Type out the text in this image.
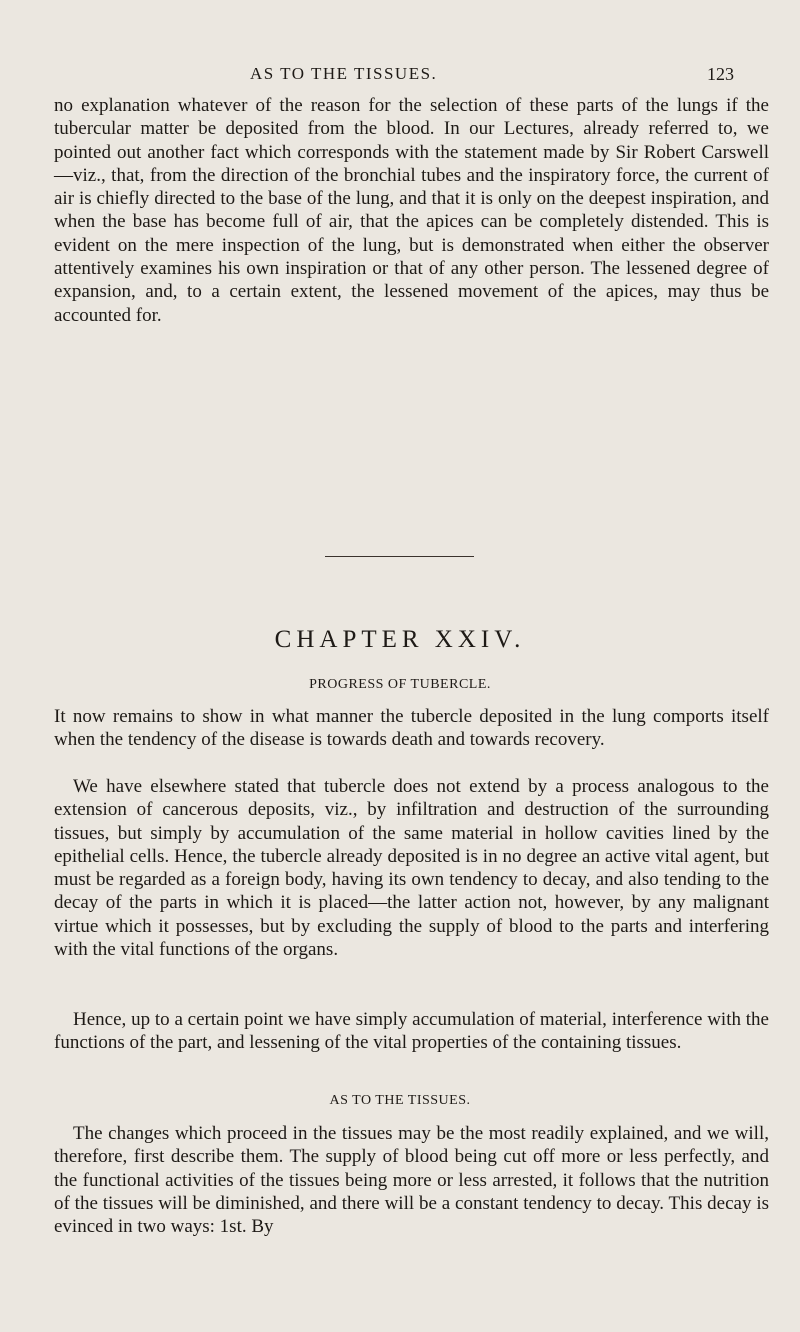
AS TO THE TISSUES.	123

no explanation whatever of the reason for the selection of these parts of the lungs if the tubercular matter be deposited from the blood. In our Lectures, already referred to, we pointed out another fact which corresponds with the statement made by Sir Robert Carswell—viz., that, from the direction of the bronchial tubes and the inspiratory force, the current of air is chiefly directed to the base of the lung, and that it is only on the deepest inspiration, and when the base has become full of air, that the apices can be completely distended. This is evident on the mere inspection of the lung, but is demonstrated when either the observer attentively examines his own inspiration or that of any other person. The lessened degree of expansion, and, to a certain extent, the lessened movement of the apices, may thus be accounted for.

CHAPTER XXIV.
PROGRESS OF TUBERCLE.

It now remains to show in what manner the tubercle deposited in the lung comports itself when the tendency of the disease is towards death and towards recovery.

We have elsewhere stated that tubercle does not extend by a process analogous to the extension of cancerous deposits, viz., by infiltration and destruction of the surrounding tissues, but simply by accumulation of the same material in hollow cavities lined by the epithelial cells. Hence, the tubercle already deposited is in no degree an active vital agent, but must be regarded as a foreign body, having its own tendency to decay, and also tending to the decay of the parts in which it is placed—the latter action not, however, by any malignant virtue which it possesses, but by excluding the supply of blood to the parts and interfering with the vital functions of the organs.

Hence, up to a certain point we have simply accumulation of material, interference with the functions of the part, and lessening of the vital properties of the containing tissues.

AS TO THE TISSUES.

The changes which proceed in the tissues may be the most readily explained, and we will, therefore, first describe them. The supply of blood being cut off more or less perfectly, and the functional activities of the tissues being more or less arrested, it follows that the nutrition of the tissues will be diminished, and there will be a constant tendency to decay. This decay is evinced in two ways: 1st. By
